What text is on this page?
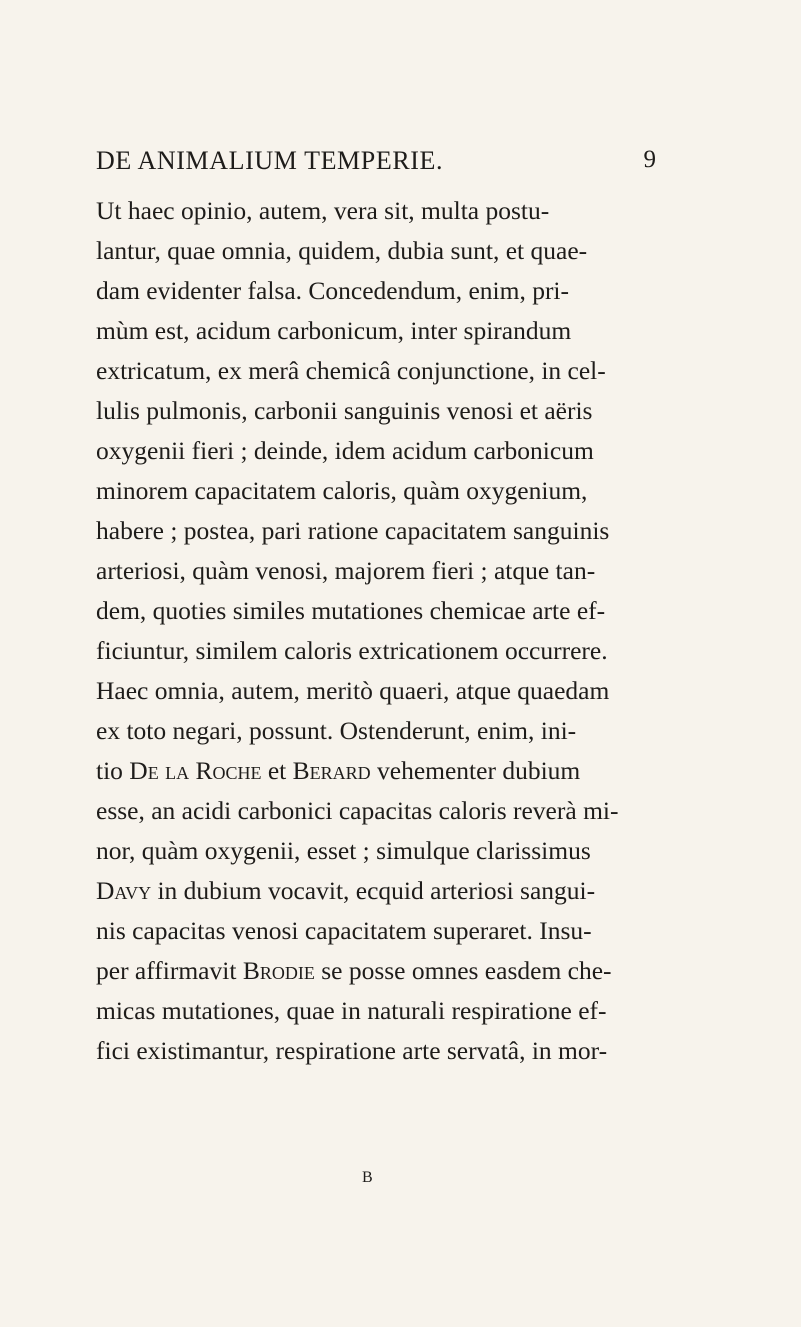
DE ANIMALIUM TEMPERIE.	9
Ut haec opinio, autem, vera sit, multa postu-
lantur, quae omnia, quidem, dubia sunt, et quae-
dam evidenter falsa. Concedendum, enim, pri-
mùm est, acidum carbonicum, inter spirandum
extricatum, ex merâ chemicâ conjunctione, in cel-
lulis pulmonis, carbonii sanguinis venosi et aëris
oxygenii fieri ; deinde, idem acidum carbonicum
minorem capacitatem caloris, quàm oxygenium,
habere ; postea, pari ratione capacitatem sanguinis
arteriosi, quàm venosi, majorem fieri ; atque tan-
dem, quoties similes mutationes chemicae arte ef-
ficiuntur, similem caloris extricationem occurrere.
Haec omnia, autem, meritò quaeri, atque quaedam
ex toto negari, possunt. Ostenderunt, enim, ini-
tio De la Roche et Berard vehementer dubium
esse, an acidi carbonici capacitas caloris reverà mi-
nor, quàm oxygenii, esset ; simulque clarissimus
Davy in dubium vocavit, ecquid arteriosi sangui-
nis capacitas venosi capacitatem superaret. Insu-
per affirmavit Brodie se posse omnes easdem che-
micas mutationes, quae in naturali respiratione ef-
fici existimantur, respiratione arte servatâ, in mor-
B
